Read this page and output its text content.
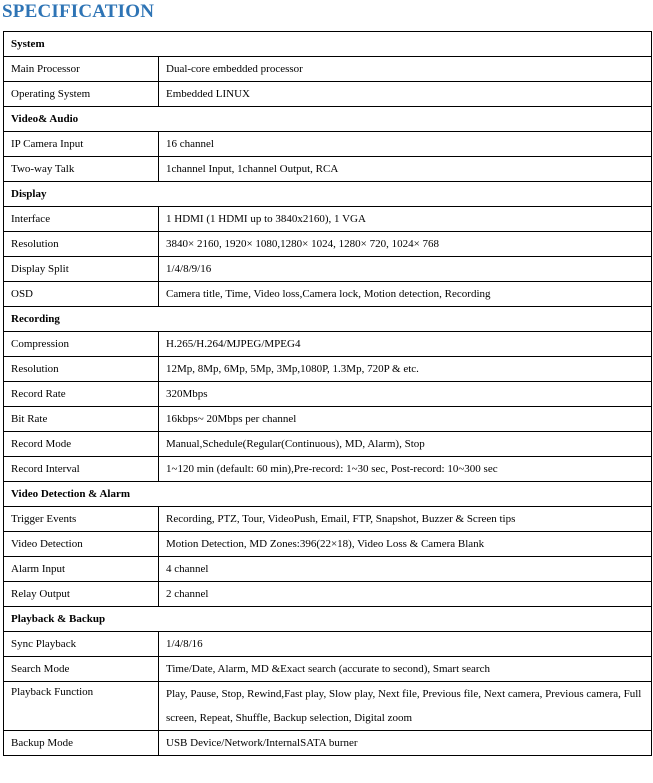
SPECIFICATION
System	
Main Processor	Dual-core embedded processor
Operating System	Embedded LINUX
Video& Audio	
IP Camera Input	16 channel
Two-way Talk	1channel Input, 1channel Output, RCA
Display	
Interface	1 HDMI (1 HDMI up to 3840x2160), 1 VGA
Resolution	3840× 2160, 1920× 1080,1280× 1024, 1280× 720, 1024× 768
Display Split	1/4/8/9/16
OSD	Camera title, Time, Video loss,Camera lock, Motion detection, Recording
Recording	
Compression	H.265/H.264/MJPEG/MPEG4
Resolution	12Mp, 8Mp, 6Mp, 5Mp, 3Mp,1080P, 1.3Mp, 720P & etc.
Record Rate	320Mbps
Bit Rate	16kbps~ 20Mbps per channel
Record Mode	Manual,Schedule(Regular(Continuous), MD, Alarm), Stop
Record Interval	1~120 min (default: 60 min),Pre-record: 1~30 sec, Post-record: 10~300 sec
Video Detection & Alarm	
Trigger Events	Recording, PTZ, Tour, VideoPush, Email, FTP, Snapshot, Buzzer & Screen tips
Video Detection	Motion Detection, MD Zones:396(22×18), Video Loss & Camera Blank
Alarm Input	4 channel
Relay Output	2 channel
Playback & Backup	
Sync Playback	1/4/8/16
Search Mode	Time/Date, Alarm, MD &Exact search (accurate to second), Smart search
Playback Function	Play, Pause, Stop, Rewind,Fast play, Slow play, Next file, Previous file, Next camera, Previous camera, Full screen, Repeat, Shuffle, Backup selection, Digital zoom
Backup Mode	USB Device/Network/InternalSATA burner
